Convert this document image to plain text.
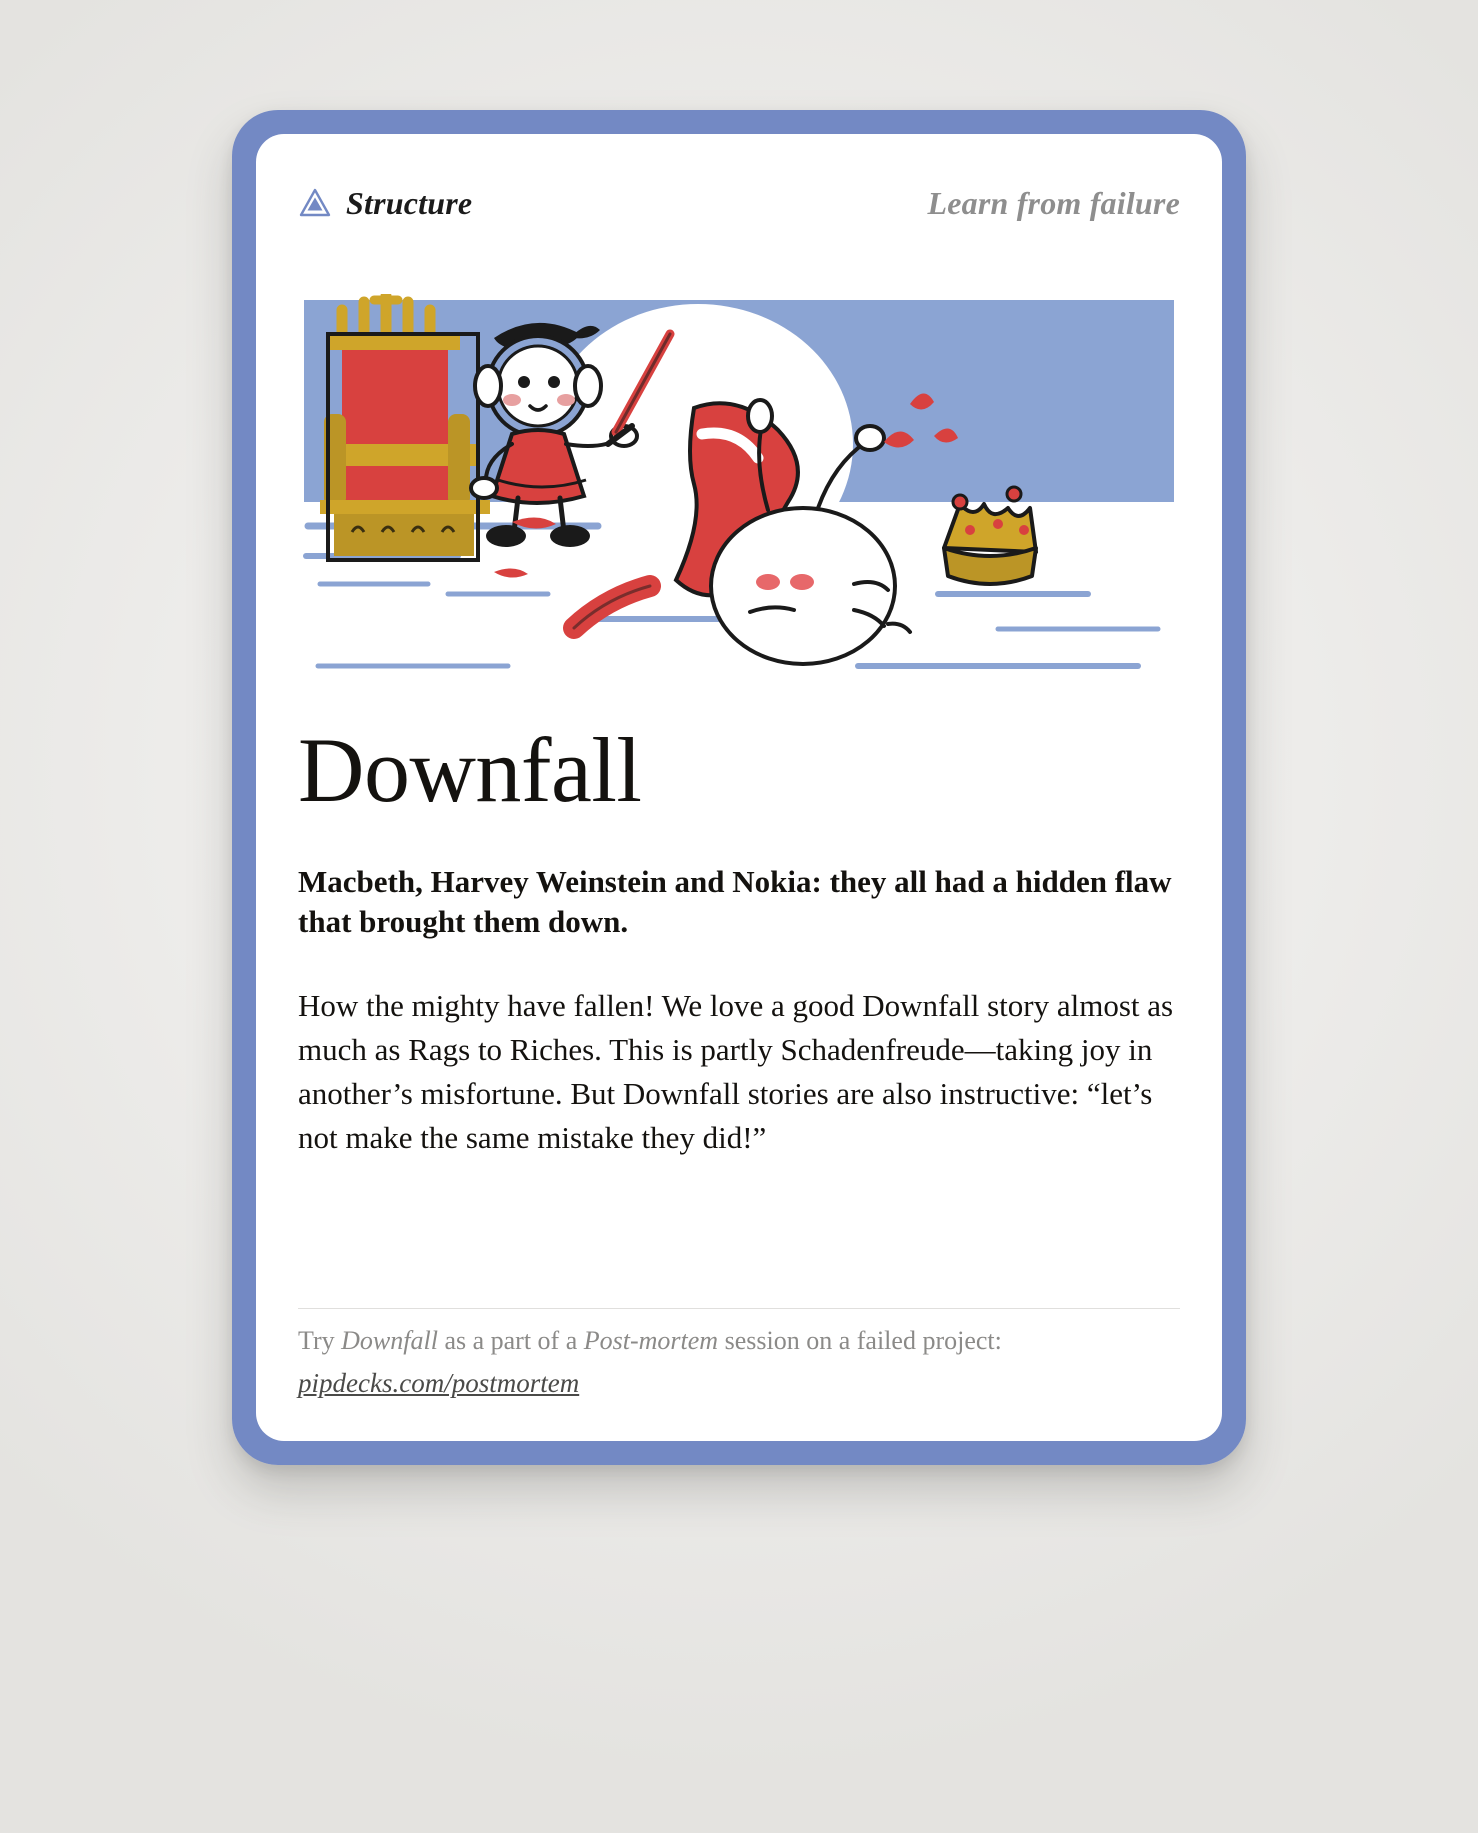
Structure	Learn from failure
Downfall
Macbeth, Harvey Weinstein and Nokia: they all had a hidden flaw that brought them down.
How the mighty have fallen! We love a good Downfall story almost as much as Rags to Riches. This is partly Schadenfreude—taking joy in another’s misfortune. But Downfall stories are also instructive: “let’s not make the same mistake they did!”
Try Downfall as a part of a Post-mortem session on a failed project:
pipdecks.com/postmortem
